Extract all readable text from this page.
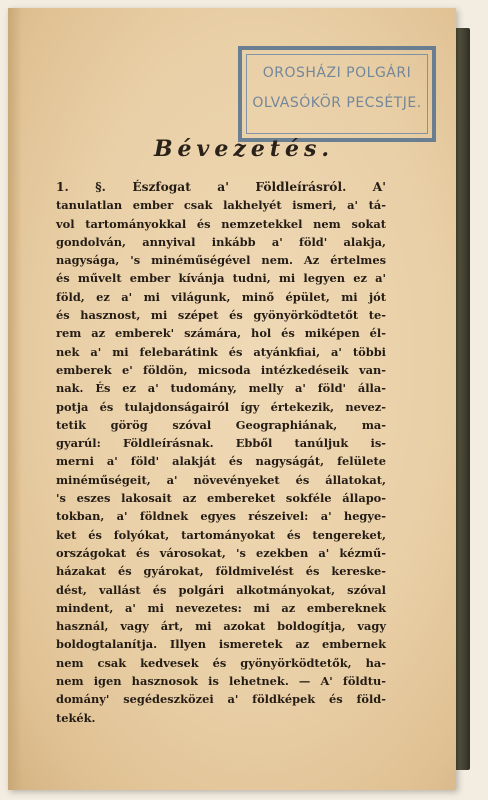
OROSHÁZI POLGÁRI
OLVASÓKÖR PECSÉTJE.
Bévezetés.
1. §. Észfogat a' Földleírásról. A'
tanulatlan ember csak lakhelyét ismeri, a' tá-
vol tartományokkal és nemzetekkel nem sokat
gondolván, annyival inkább a' föld' alakja,
nagysága, 's minéműségével nem. Az értelmes
és művelt ember kívánja tudni, mi legyen ez a'
föld, ez a' mi világunk, minő épület, mi jót
és hasznost, mi szépet és gyönyörködtetőt te-
rem az emberek' számára, hol és miképen él-
nek a' mi felebarátink és atyánkfiai, a' többi
emberek e' földön, micsoda intézkedéseik van-
nak. És ez a' tudomány, melly a' föld' álla-
potja és tulajdonságairól így értekezik, nevez-
tetik görög szóval Geographiának, ma-
gyarúl: Földleírásnak. Ebből tanúljuk is-
merni a' föld' alakját és nagyságát, felülete
minéműségeit, a' növevényeket és állatokat,
's eszes lakosait az embereket sokféle állapo-
tokban, a' földnek egyes részeivel: a' hegye-
ket és folyókat, tartományokat és tengereket,
országokat és városokat, 's ezekben a' kézmű-
házakat és gyárokat, földmivelést és kereske-
dést, vallást és polgári alkotmányokat, szóval
mindent, a' mi nevezetes: mi az embereknek
használ, vagy árt, mi azokat boldogítja, vagy
boldogtalanítja. Illyen ismeretek az embernek
nem csak kedvesek és gyönyörködtetők, ha-
nem igen hasznosok is lehetnek. — A' földtu-
domány' segédeszközei a' földképek és föld-
tekék.
